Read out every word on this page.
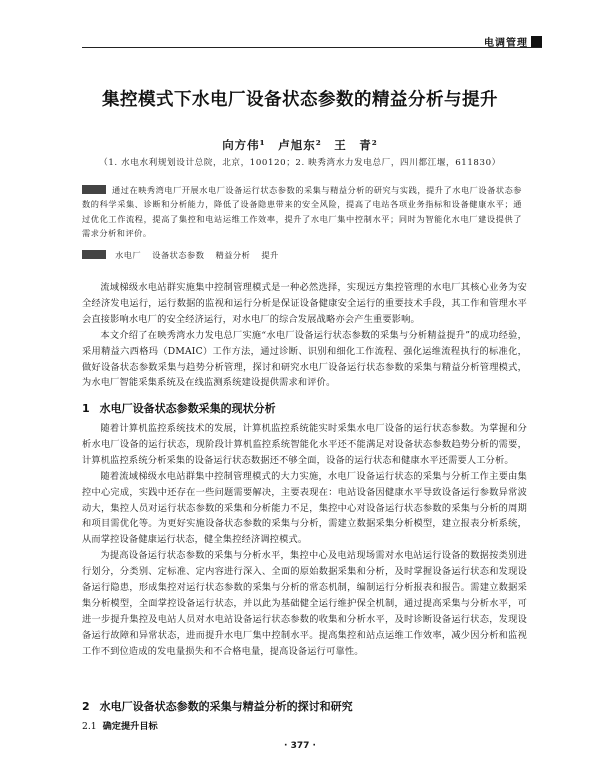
电调管理
集控模式下水电厂设备状态参数的精益分析与提升
向方伟¹　卢旭东²　王　青²
（1. 水电水利规划设计总院，北京，100120；2. 映秀湾水力发电总厂，四川都江堰，611830）
通过在映秀湾电厂开展水电厂设备运行状态参数的采集与精益分析的研究与实践，提升了水电厂设备状态参数的科学采集、诊断和分析能力，降低了设备隐患带来的安全风险，提高了电站各项业务指标和设备健康水平；通过优化工作流程，提高了集控和电站运维工作效率，提升了水电厂集中控制水平；同时为智能化水电厂建设提供了需求分析和评价。
水电厂 设备状态参数 精益分析 提升

流域梯级水电站群实施集中控制管理模式是一种必然选择，实现远方集控管理的水电厂其核心业务为安全经济发电运行，运行数据的监视和运行分析是保证设备健康安全运行的重要技术手段，其工作和管理水平会直接影响水电厂的安全经济运行，对水电厂的综合发展战略亦会产生重要影响。

本文介绍了在映秀湾水力发电总厂实施“水电厂设备运行状态参数的采集与分析精益提升”的成功经验，采用精益六西格玛（DMAIC）工作方法，通过诊断、识别和细化工作流程、强化运维流程执行的标准化，做好设备状态参数采集与趋势分析管理，探讨和研究水电厂设备运行状态参数的采集与精益分析管理模式，为水电厂智能采集系统及在线监测系统建设提供需求和评价。

1 水电厂设备状态参数采集的现状分析

随着计算机监控系统技术的发展，计算机监控系统能实时采集水电厂设备的运行状态参数。为掌握和分析水电厂设备的运行状态，现阶段计算机监控系统智能化水平还不能满足对设备状态参数趋势分析的需要，计算机监控系统分析采集的设备运行状态数据还不够全面，设备的运行状态和健康水平还需要人工分析。

随着流域梯级水电站群集中控制管理模式的大力实施，水电厂设备运行状态的采集与分析工作主要由集控中心完成，实践中还存在一些问题需要解决，主要表现在：电站设备因健康水平导致设备运行参数异常波动大，集控人员对运行状态参数的采集和分析能力不足，集控中心对设备运行状态参数的采集与分析的周期和项目需优化等。为更好实施设备状态参数的采集与分析，需建立数据采集分析模型，建立报表分析系统，从而掌控设备健康运行状态，健全集控经济调控模式。

为提高设备运行状态参数的采集与分析水平，集控中心及电站现场需对水电站运行设备的数据按类别进行划分，分类别、定标准、定内容进行深入、全面的原始数据采集和分析，及时掌握设备运行状态和发现设备运行隐患，形成集控对运行状态参数的采集与分析的常态机制，编制运行分析报表和报告。需建立数据采集分析模型，全面掌控设备运行状态，并以此为基础健全运行维护保全机制，通过提高采集与分析水平，可进一步提升集控及电站人员对水电站设备运行状态参数的收集和分析水平，及时诊断设备运行状态，发现设备运行故障和异常状态，进而提升水电厂集中控制水平。提高集控和站点运维工作效率，减少因分析和监视工作不到位造成的发电量损失和不合格电量，提高设备运行可靠性。

2 水电厂设备状态参数的采集与精益分析的探讨和研究
2.1 确定提升目标
· 377 ·
